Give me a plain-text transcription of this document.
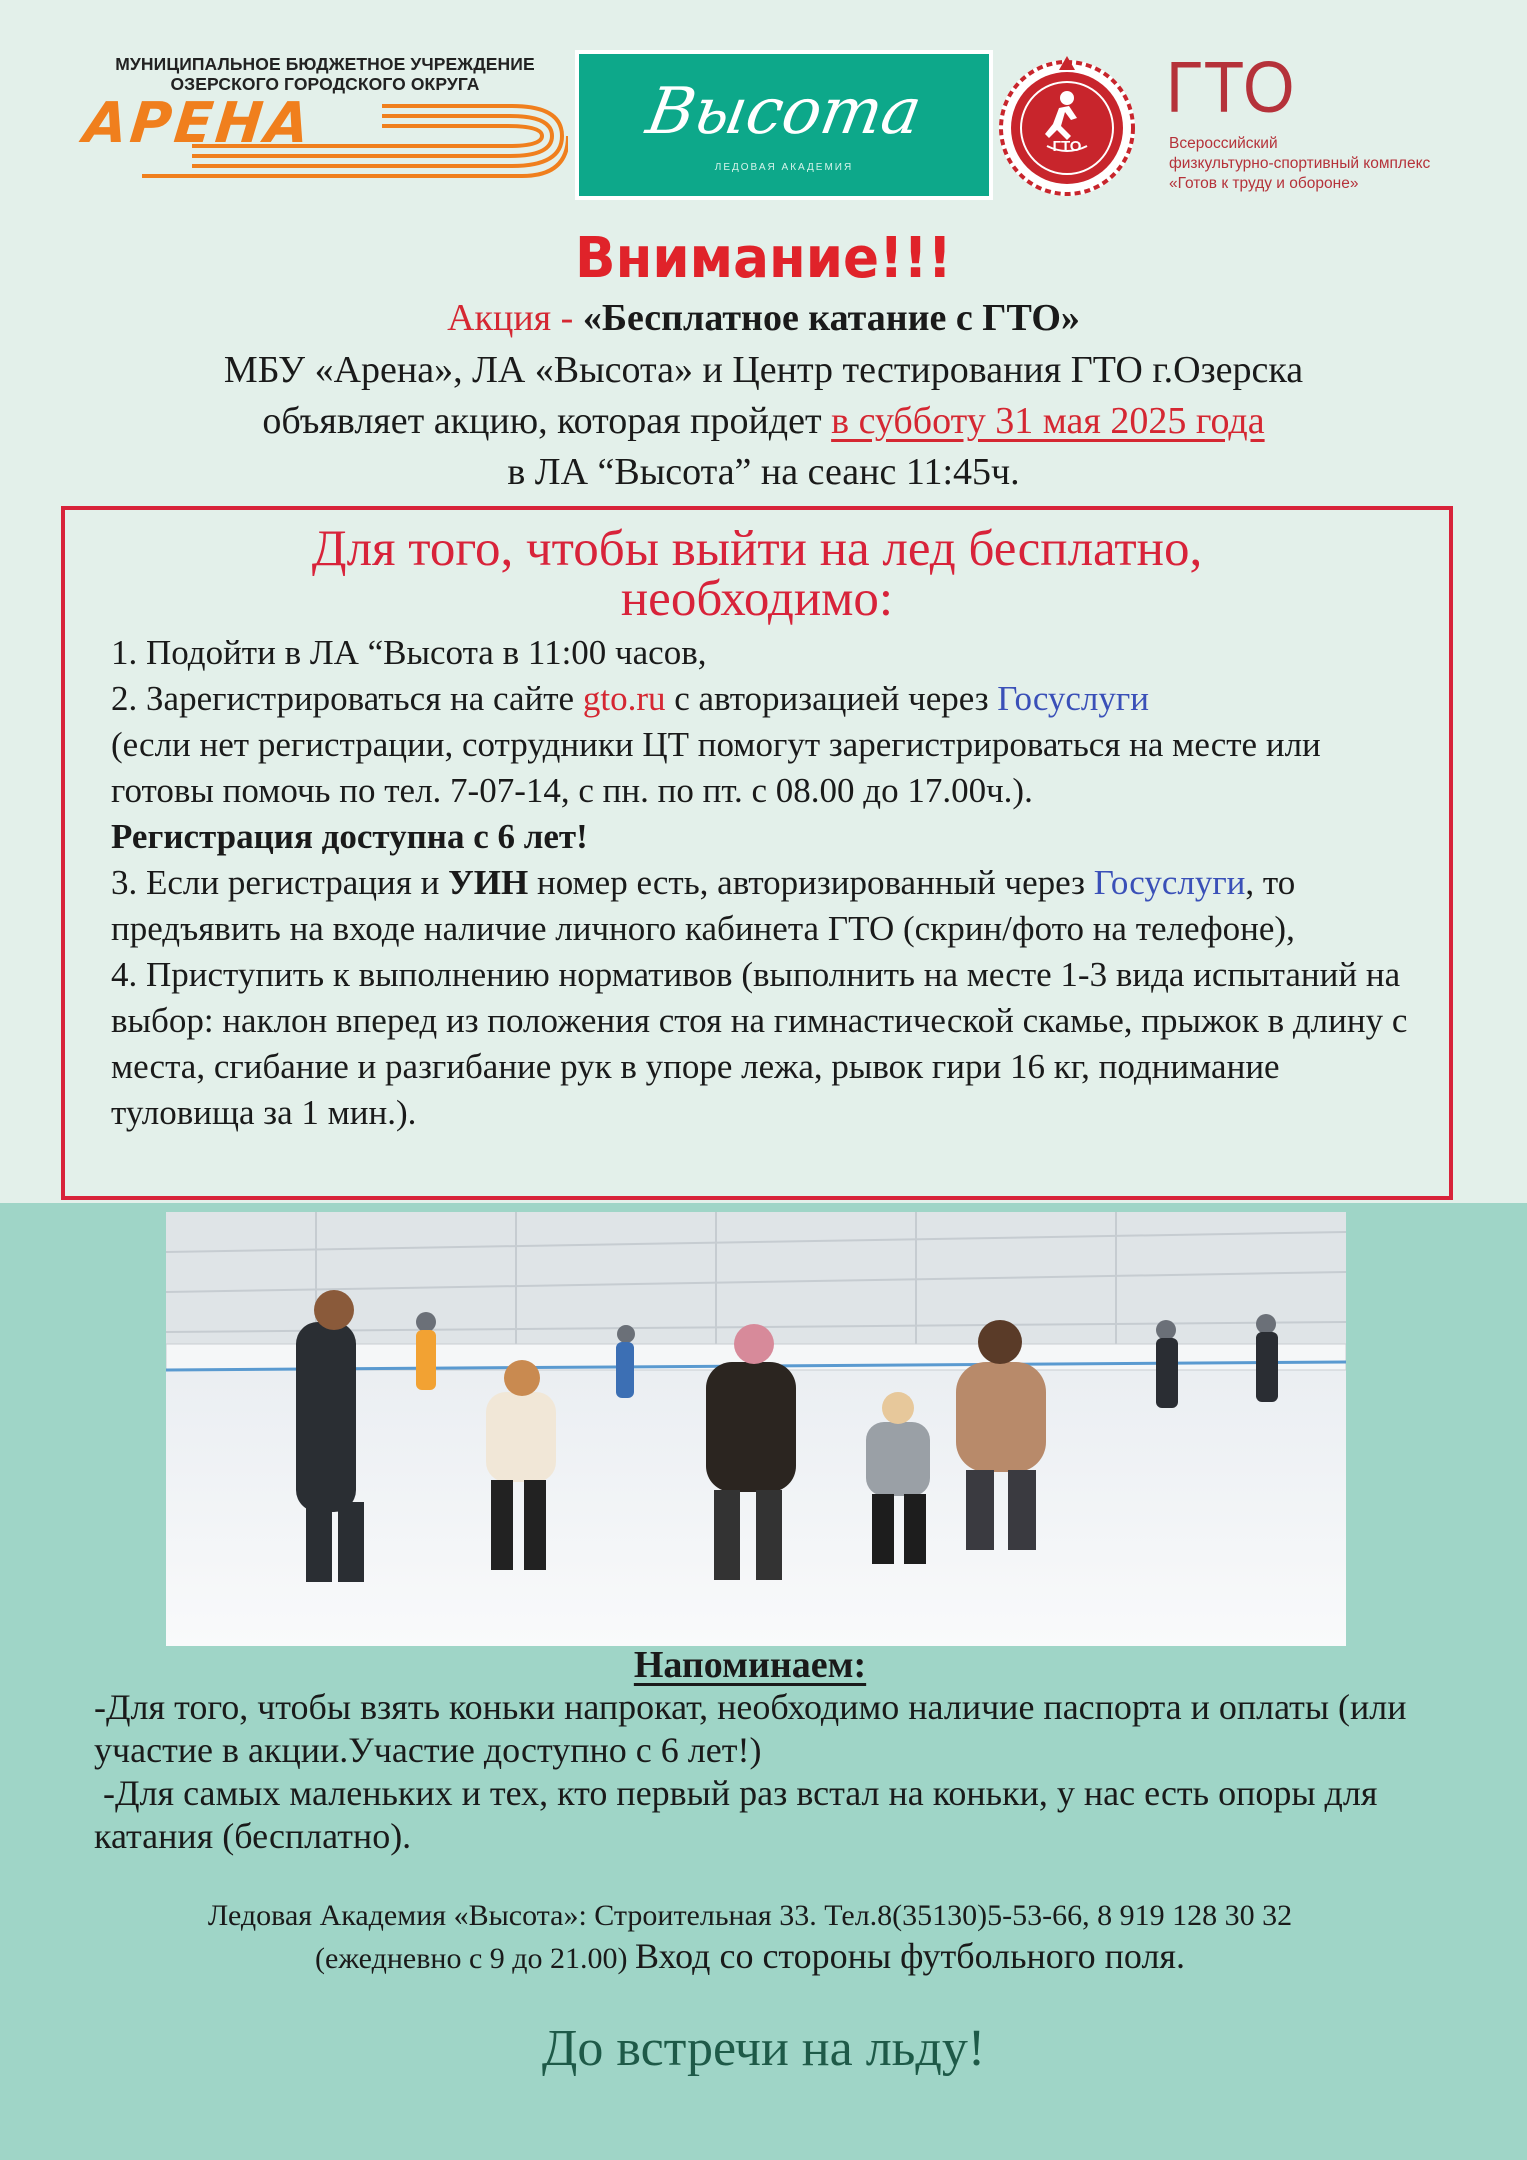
МУНИЦИПАЛЬНОЕ БЮДЖЕТНОЕ УЧРЕЖДЕНИЕ
ОЗЕРСКОГО ГОРОДСКОГО ОКРУГА
АРЕНА	Высота
ЛЕДОВАЯ АКАДЕМИЯ
ГТО
ГТО
Всероссийский
физкультурно-спортивный комплекс
«Готов к труду и обороне»
Внимание!!!
Акция - «Бесплатное катание с ГТО»
МБУ «Арена», ЛА «Высота» и Центр тестирования ГТО г.Озерска
объявляет акцию, которая пройдет в субботу 31 мая 2025 года
в ЛА “Высота” на сеанс 11:45ч.
Для того, чтобы выйти на лед бесплатно,
необходимо:

1. Подойти в ЛА “Высота в 11:00 часов,

2. Зарегистрироваться на сайте gto.ru с авторизацией через Госуслуги
(если нет регистрации, сотрудники ЦТ помогут зарегистрироваться на месте или готовы помочь по тел. 7-07-14, с пн. по пт. с 08.00 до 17.00ч.).

Регистрация доступна с 6 лет!

3. Если регистрация и УИН номер есть, авторизированный через Госуслуги, то предъявить на входе наличие личного кабинета ГТО (скрин/фото на телефоне),

4. Приступить к выполнению нормативов (выполнить на месте 1-3 вида испытаний на выбор: наклон вперед из положения стоя на гимнастической скамье, прыжок в длину с места, сгибание и разгибание рук в упоре лежа, рывок гири 16 кг, поднимание туловища за 1 мин.).

Напоминаем:

-Для того, чтобы взять коньки напрокат, необходимо наличие паспорта и оплаты (или участие в акции.Участие доступно с 6 лет!)

-Для самых маленьких и тех, кто первый раз встал на коньки, у нас есть опоры для катания (бесплатно).

Ледовая Академия «Высота»: Строительная 33. Тел.8(35130)5-53-66, 8 919 128 30 32
(ежедневно с 9 до 21.00) Вход со стороны футбольного поля.
До встречи на льду!
